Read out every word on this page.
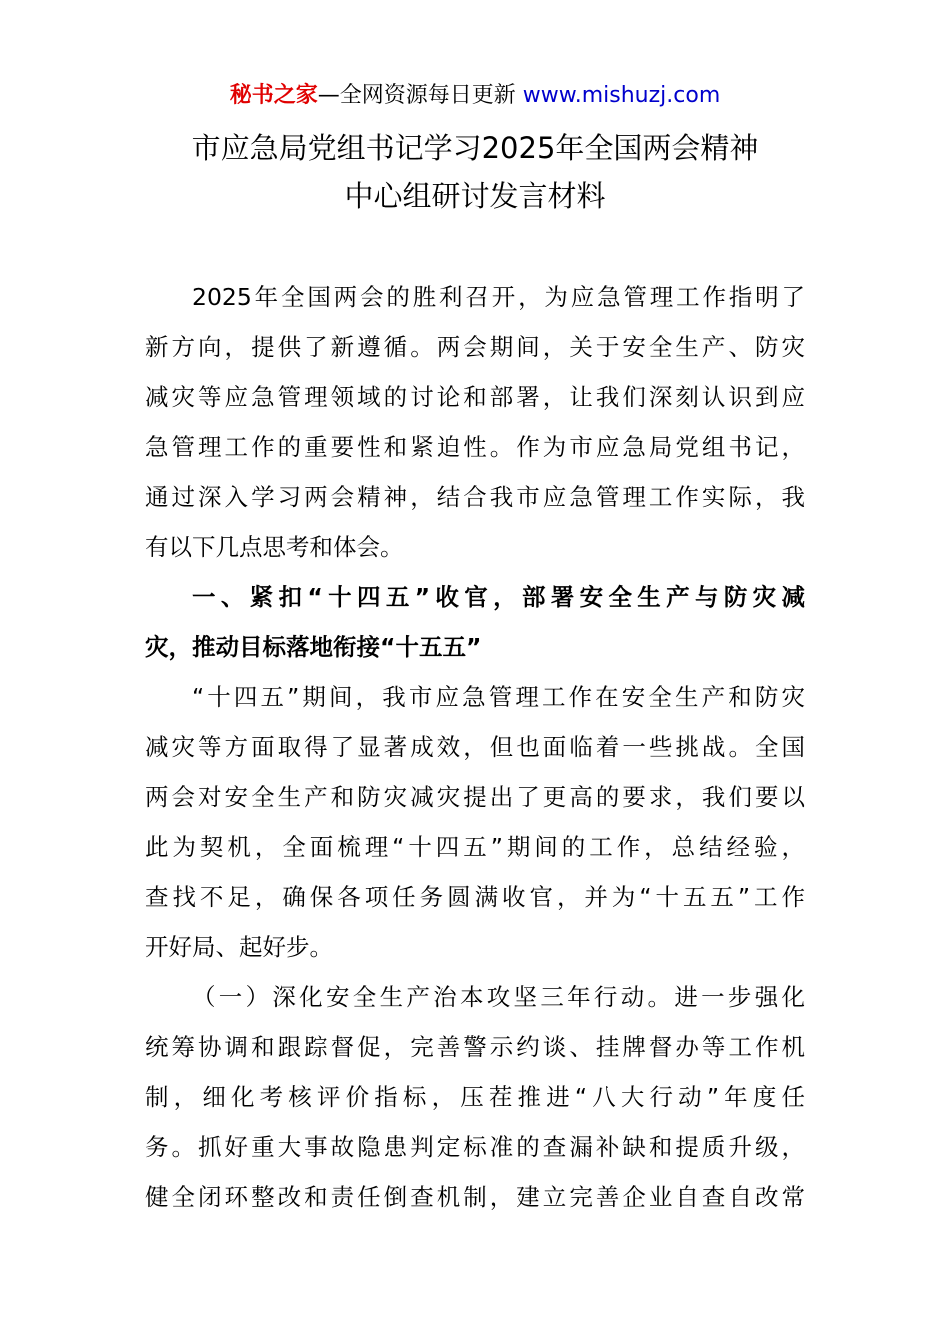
秘书之家—全网资源每日更新 www.mishuzj.com
市应急局党组书记学习2025年全国两会精神
中心组研讨发言材料
2025年全国两会的胜利召开，为应急管理工作指明了
新方向，提供了新遵循。两会期间，关于安全生产、防灾
减灾等应急管理领域的讨论和部署，让我们深刻认识到应
急管理工作的重要性和紧迫性。作为市应急局党组书记，
通过深入学习两会精神，结合我市应急管理工作实际，我
有以下几点思考和体会。
一、紧扣“十四五”收官，部署安全生产与防灾减
灾，推动目标落地衔接“十五五”
“十四五”期间，我市应急管理工作在安全生产和防灾
减灾等方面取得了显著成效，但也面临着一些挑战。全国
两会对安全生产和防灾减灾提出了更高的要求，我们要以
此为契机，全面梳理“十四五”期间的工作，总结经验，
查找不足，确保各项任务圆满收官，并为“十五五”工作
开好局、起好步。
（一）深化安全生产治本攻坚三年行动。进一步强化
统筹协调和跟踪督促，完善警示约谈、挂牌督办等工作机
制，细化考核评价指标，压茬推进“八大行动”年度任
务。抓好重大事故隐患判定标准的查漏补缺和提质升级，
健全闭环整改和责任倒查机制，建立完善企业自查自改常
